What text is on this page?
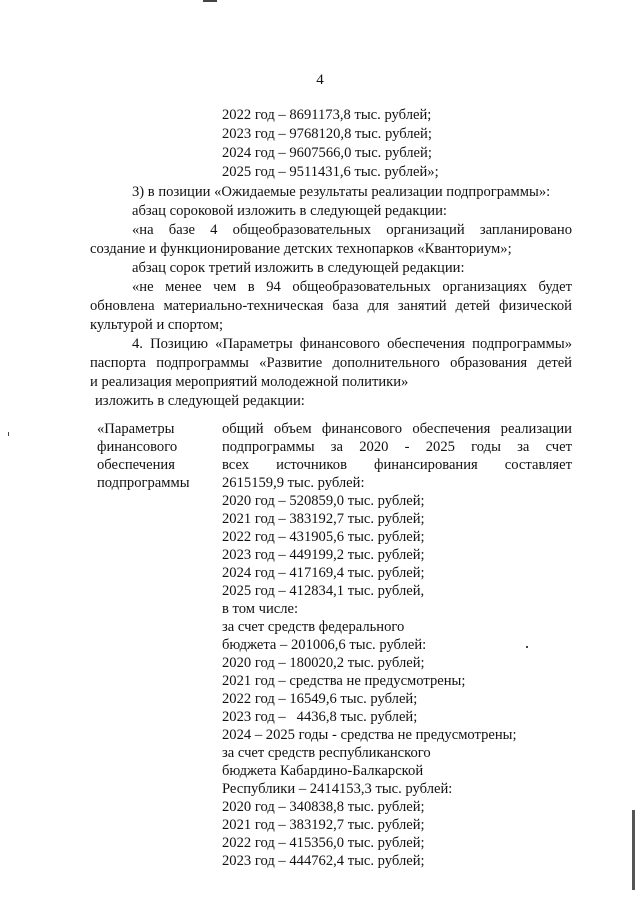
4
2022 год – 8691173,8 тыс. рублей;
2023 год – 9768120,8 тыс. рублей;
2024 год – 9607566,0 тыс. рублей;
2025 год – 9511431,6 тыс. рублей»;
3) в позиции «Ожидаемые результаты реализации подпрограммы»:
абзац сороковой изложить в следующей редакции:
«на базе 4 общеобразовательных организаций запланировано
создание и функционирование детских технопарков «Кванториум»;
абзац сорок третий изложить в следующей редакции:
«не менее чем в 94 общеобразовательных организациях будет
обновлена материально-техническая база для занятий детей физической
культурой и спортом;
4. Позицию «Параметры финансового обеспечения подпрограммы»
паспорта подпрограммы «Развитие дополнительного образования детей
и реализация мероприятий молодежной политики»
изложить в следующей редакции:
«Параметры
финансового
обеспечения
подпрограммы
общий объем финансового обеспечения реализации
подпрограммы за 2020 - 2025 годы за счет
всех источников финансирования составляет
2615159,9 тыс. рублей:
2020 год – 520859,0 тыс. рублей;
2021 год – 383192,7 тыс. рублей;
2022 год – 431905,6 тыс. рублей;
2023 год – 449199,2 тыс. рублей;
2024 год – 417169,4 тыс. рублей;
2025 год – 412834,1 тыс. рублей,
в том числе:
за счет средств федерального
бюджета – 201006,6 тыс. рублей:
2020 год – 180020,2 тыс. рублей;
2021 год – средства не предусмотрены;
2022 год – 16549,6 тыс. рублей;
2023 год –   4436,8 тыс. рублей;
2024 – 2025 годы - средства не предусмотрены;
за счет средств республиканского
бюджета Кабардино-Балкарской
Республики – 2414153,3 тыс. рублей:
2020 год – 340838,8 тыс. рублей;
2021 год – 383192,7 тыс. рублей;
2022 год – 415356,0 тыс. рублей;
2023 год – 444762,4 тыс. рублей;
